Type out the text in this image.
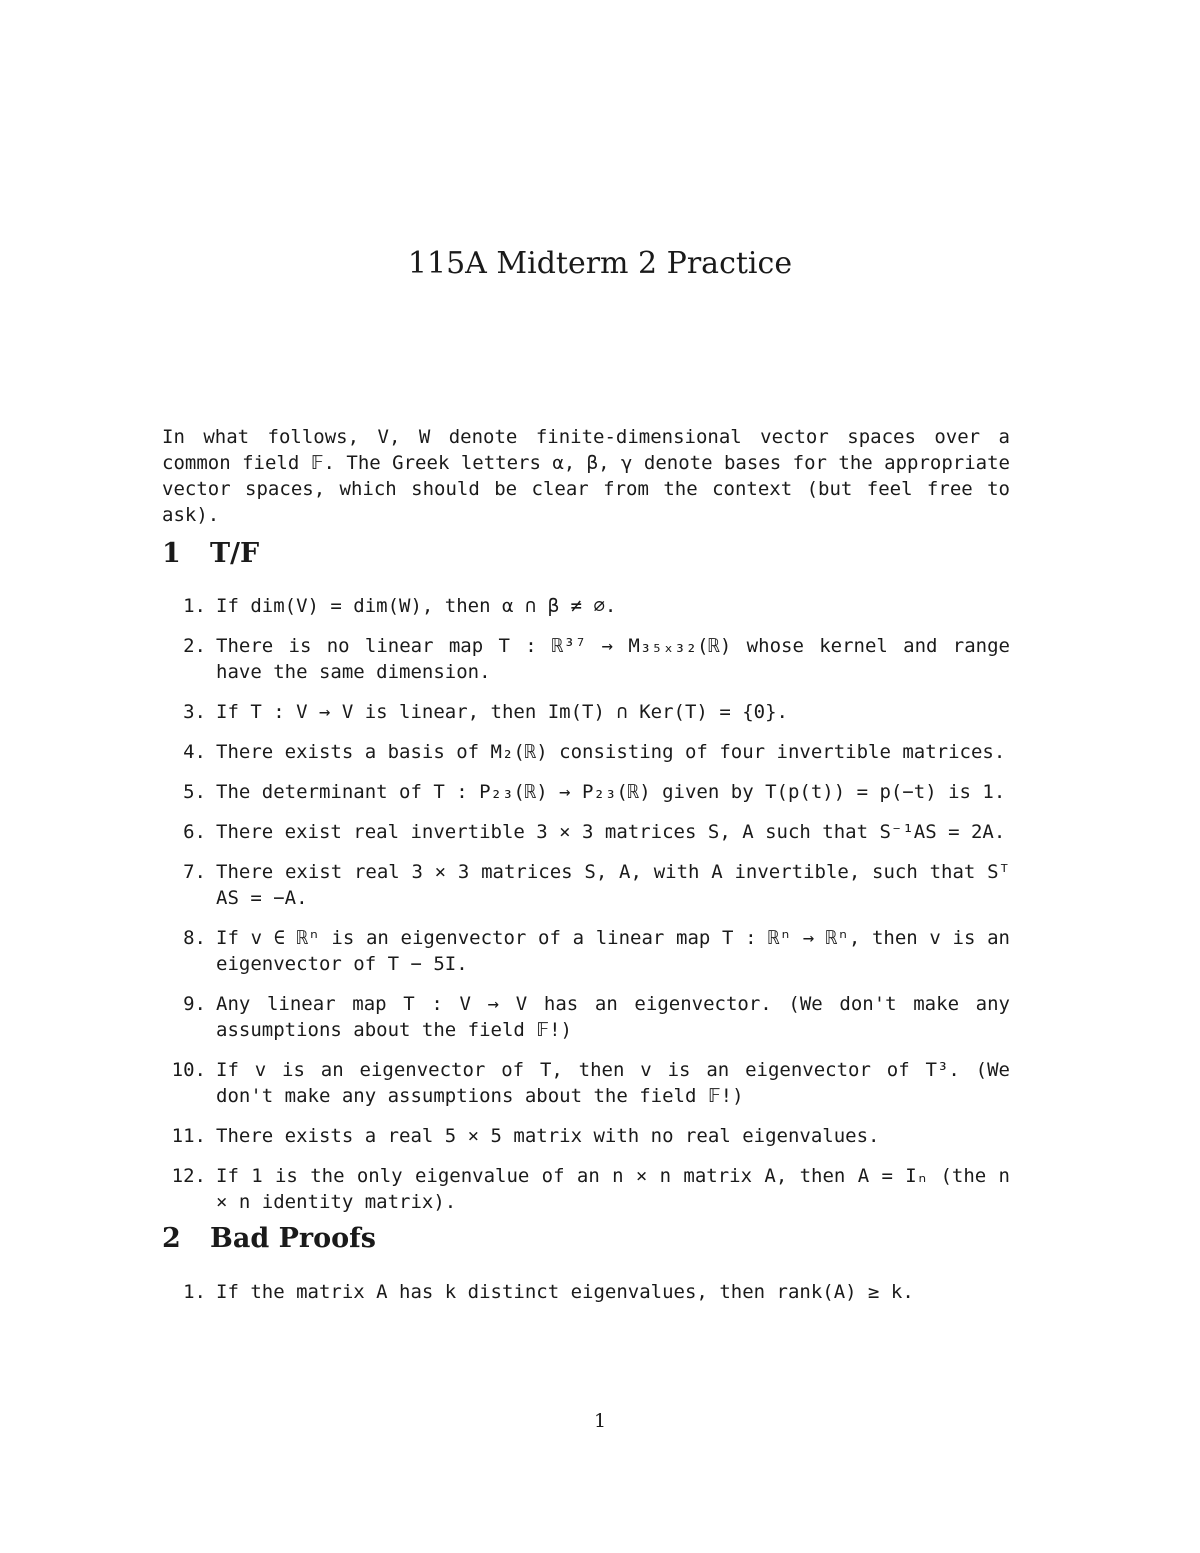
115A Midterm 2 Practice

In what follows, V, W denote finite-dimensional vector spaces over a common field 𝔽. The Greek letters α, β, γ denote bases for the appropriate vector spaces, which should be clear from the context (but feel free to ask).

1 T/F
1. If dim(V) = dim(W), then α ∩ β ≠ ∅.
2. There is no linear map T : ℝ³⁷ → M₃₅ₓ₃₂(ℝ) whose kernel and range have the same dimension.
3. If T : V → V is linear, then Im(T) ∩ Ker(T) = {0}.
4. There exists a basis of M₂(ℝ) consisting of four invertible matrices.
5. The determinant of T : P₂₃(ℝ) → P₂₃(ℝ) given by T(p(t)) = p(−t) is 1.
6. There exist real invertible 3 × 3 matrices S, A such that S⁻¹AS = 2A.
7. There exist real 3 × 3 matrices S, A, with A invertible, such that Sᵀ AS = −A.
8. If v ∈ ℝⁿ is an eigenvector of a linear map T : ℝⁿ → ℝⁿ, then v is an eigenvector of T − 5I.
9. Any linear map T : V → V has an eigenvector. (We don't make any assumptions about the field 𝔽!)
10. If v is an eigenvector of T, then v is an eigenvector of T³. (We don't make any assumptions about the field 𝔽!)
11. There exists a real 5 × 5 matrix with no real eigenvalues.
12. If 1 is the only eigenvalue of an n × n matrix A, then A = Iₙ (the n × n identity matrix).
2 Bad Proofs
1. If the matrix A has k distinct eigenvalues, then rank(A) ≥ k.

1
